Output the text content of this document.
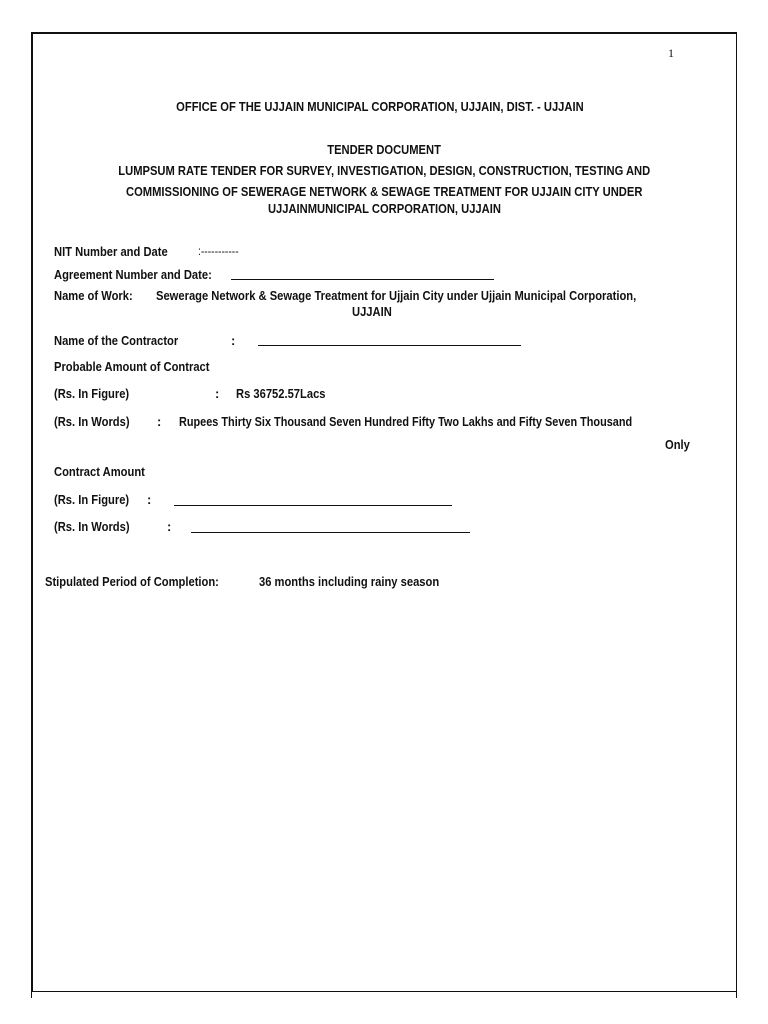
1
OFFICE OF THE UJJAIN MUNICIPAL CORPORATION, UJJAIN, DIST. - UJJAIN
TENDER DOCUMENT
LUMPSUM RATE TENDER FOR SURVEY, INVESTIGATION, DESIGN, CONSTRUCTION, TESTING AND
COMMISSIONING OF SEWERAGE NETWORK & SEWAGE TREATMENT FOR UJJAIN CITY UNDER
UJJAINMUNICIPAL CORPORATION, UJJAIN
NIT Number and Date	:-----------
Agreement Number and Date:
Name of Work:	Sewerage Network & Sewage Treatment for Ujjain City under Ujjain Municipal Corporation,
UJJAIN
Name of the Contractor	:
Probable Amount of Contract
(Rs. In Figure)	: Rs 36752.57Lacs
(Rs. In Words)	: Rupees Thirty Six Thousand Seven Hundred Fifty Two Lakhs and Fifty Seven Thousand
Only
Contract Amount
(Rs. In Figure)	:
(Rs. In Words)	:
Stipulated Period of Completion:	36 months including rainy season
